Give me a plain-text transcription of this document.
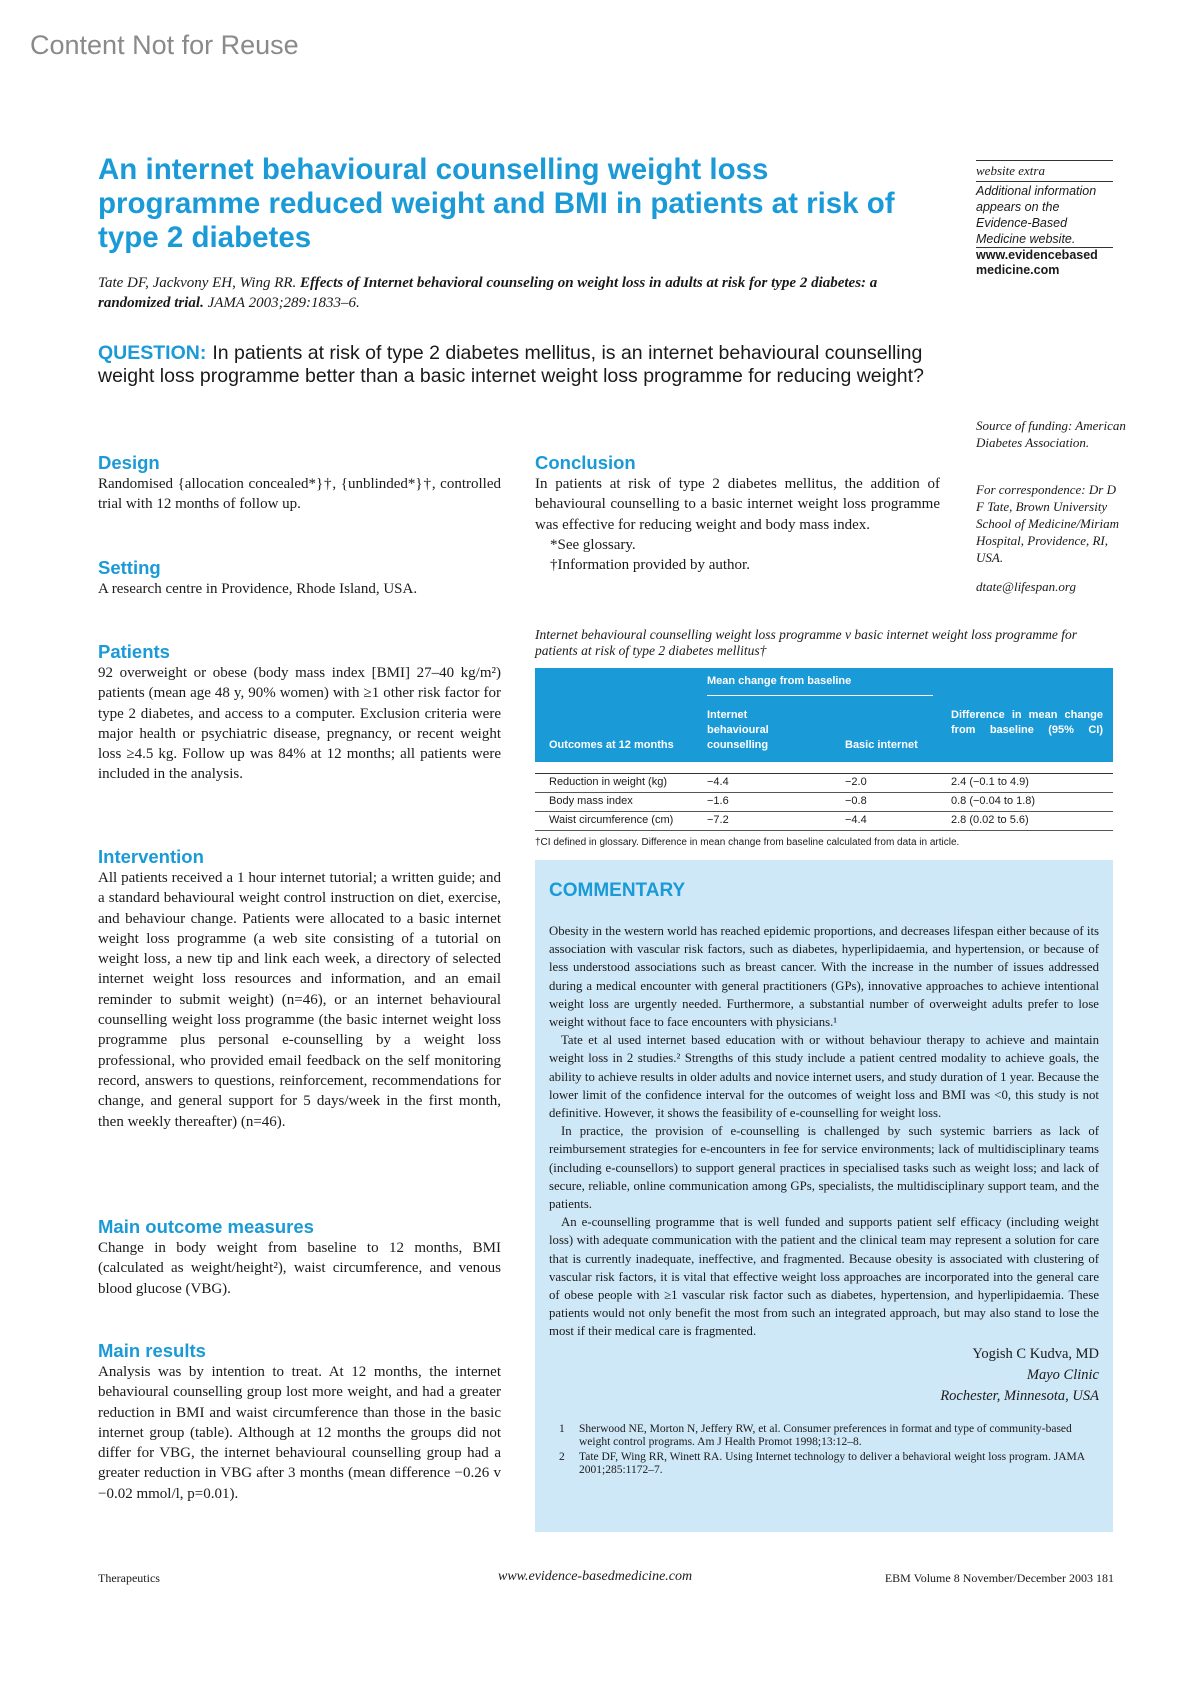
Content Not for Reuse
An internet behavioural counselling weight loss programme reduced weight and BMI in patients at risk of type 2 diabetes
Tate DF, Jackvony EH, Wing RR. Effects of Internet behavioral counseling on weight loss in adults at risk for type 2 diabetes: a randomized trial. JAMA 2003;289:1833–6.
QUESTION: In patients at risk of type 2 diabetes mellitus, is an internet behavioural counselling weight loss programme better than a basic internet weight loss programme for reducing weight?
website extra
Additional information appears on the Evidence-Based Medicine website.
www.evidencebased medicine.com
Source of funding: American Diabetes Association.
For correspondence: Dr D F Tate, Brown University School of Medicine/Miriam Hospital, Providence, RI, USA.
dtate@lifespan.org
Design

Randomised {allocation concealed*}†, {unblinded*}†, controlled trial with 12 months of follow up.

Setting

A research centre in Providence, Rhode Island, USA.

Patients

92 overweight or obese (body mass index [BMI] 27–40 kg/m²) patients (mean age 48 y, 90% women) with ≥1 other risk factor for type 2 diabetes, and access to a computer. Exclusion criteria were major health or psychiatric disease, pregnancy, or recent weight loss ≥4.5 kg. Follow up was 84% at 12 months; all patients were included in the analysis.

Intervention

All patients received a 1 hour internet tutorial; a written guide; and a standard behavioural weight control instruction on diet, exercise, and behaviour change. Patients were allocated to a basic internet weight loss programme (a web site consisting of a tutorial on weight loss, a new tip and link each week, a directory of selected internet weight loss resources and information, and an email reminder to submit weight) (n=46), or an internet behavioural counselling weight loss programme (the basic internet weight loss programme plus personal e-counselling by a weight loss professional, who provided email feedback on the self monitoring record, answers to questions, reinforcement, recommendations for change, and general support for 5 days/week in the first month, then weekly thereafter) (n=46).

Main outcome measures

Change in body weight from baseline to 12 months, BMI (calculated as weight/height²), waist circumference, and venous blood glucose (VBG).

Main results

Analysis was by intention to treat. At 12 months, the internet behavioural counselling group lost more weight, and had a greater reduction in BMI and waist circumference than those in the basic internet group (table). Although at 12 months the groups did not differ for VBG, the internet behavioural counselling group had a greater reduction in VBG after 3 months (mean difference −0.26 v −0.02 mmol/l, p=0.01).

Conclusion

In patients at risk of type 2 diabetes mellitus, the addition of behavioural counselling to a basic internet weight loss programme was effective for reducing weight and body mass index.

*See glossary.

†Information provided by author.

Internet behavioural counselling weight loss programme v basic internet weight loss programme for patients at risk of type 2 diabetes mellitus†
Mean change from baseline
Outcomes at 12 months
Internet behavioural counselling	Basic internet
Difference in mean change from baseline (95% CI)
Reduction in weight (kg)	−4.4	−2.0	2.4 (−0.1 to 4.9)
Body mass index	−1.6	−0.8	0.8 (−0.04 to 1.8)
Waist circumference (cm)	−7.2	−4.4	2.8 (0.02 to 5.6)
†CI defined in glossary. Difference in mean change from baseline calculated from data in article.
COMMENTARY

Obesity in the western world has reached epidemic proportions, and decreases lifespan either because of its association with vascular risk factors, such as diabetes, hyperlipidaemia, and hypertension, or because of less understood associations such as breast cancer. With the increase in the number of issues addressed during a medical encounter with general practitioners (GPs), innovative approaches to achieve intentional weight loss are urgently needed. Furthermore, a substantial number of overweight adults prefer to lose weight without face to face encounters with physicians.¹

Tate et al used internet based education with or without behaviour therapy to achieve and maintain weight loss in 2 studies.² Strengths of this study include a patient centred modality to achieve goals, the ability to achieve results in older adults and novice internet users, and study duration of 1 year. Because the lower limit of the confidence interval for the outcomes of weight loss and BMI was <0, this study is not definitive. However, it shows the feasibility of e-counselling for weight loss.

In practice, the provision of e-counselling is challenged by such systemic barriers as lack of reimbursement strategies for e-encounters in fee for service environments; lack of multidisciplinary teams (including e-counsellors) to support general practices in specialised tasks such as weight loss; and lack of secure, reliable, online communication among GPs, specialists, the multidisciplinary support team, and the patients.

An e-counselling programme that is well funded and supports patient self efficacy (including weight loss) with adequate communication with the patient and the clinical team may represent a solution for care that is currently inadequate, ineffective, and fragmented. Because obesity is associated with clustering of vascular risk factors, it is vital that effective weight loss approaches are incorporated into the general care of obese people with ≥1 vascular risk factor such as diabetes, hypertension, and hyperlipidaemia. These patients would not only benefit the most from such an integrated approach, but may also stand to lose the most if their medical care is fragmented.

Yogish C Kudva, MD
Mayo Clinic
Rochester, Minnesota, USA
1 Sherwood NE, Morton N, Jeffery RW, et al. Consumer preferences in format and type of community-based weight control programs. Am J Health Promot 1998;13:12–8.
2 Tate DF, Wing RR, Winett RA. Using Internet technology to deliver a behavioral weight loss program. JAMA 2001;285:1172–7.
Therapeutics	www.evidence-basedmedicine.com	EBM Volume 8 November/December 2003 181
